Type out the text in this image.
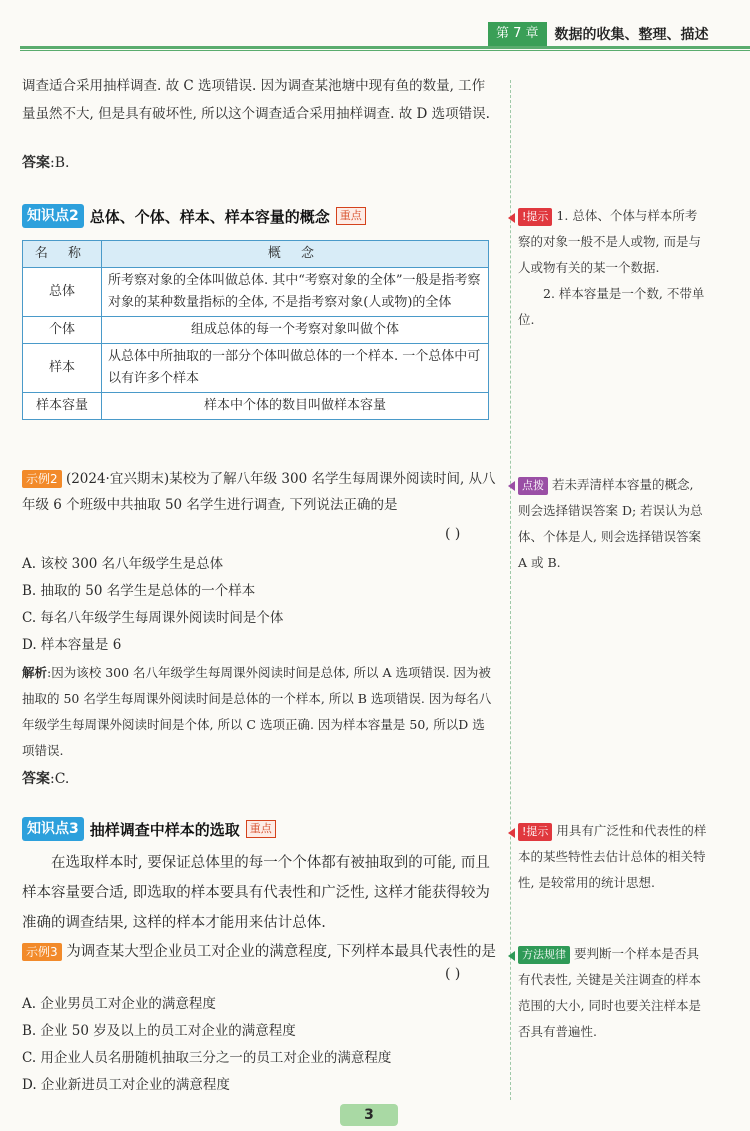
第 7 章	数据的收集、整理、描述
调查适合采用抽样调查. 故 C 选项错误. 因为调查某池塘中现有鱼的数量, 工作量虽然不大, 但是具有破坏性, 所以这个调查适合采用抽样调查. 故 D 选项错误.
答案:B.
知识点2 总体、个体、样本、样本容量的概念 重点
名 称	概 念
总体	所考察对象的全体叫做总体. 其中“考察对象的全体”一般是指考察对象的某种数量指标的全体, 不是指考察对象(人或物)的全体
个体	组成总体的每一个考察对象叫做个体
样本	从总体中所抽取的一部分个体叫做总体的一个样本. 一个总体中可以有许多个样本
样本容量	样本中个体的数目叫做样本容量
示例2 (2024·宜兴期末)某校为了解八年级 300 名学生每周课外阅读时间, 从八年级 6 个班级中共抽取 50 名学生进行调查, 下列说法正确的是
( )
A. 该校 300 名八年级学生是总体
B. 抽取的 50 名学生是总体的一个样本
C. 每名八年级学生每周课外阅读时间是个体
D. 样本容量是 6
解析:因为该校 300 名八年级学生每周课外阅读时间是总体, 所以 A 选项错误. 因为被抽取的 50 名学生每周课外阅读时间是总体的一个样本, 所以 B 选项错误. 因为每名八年级学生每周课外阅读时间是个体, 所以 C 选项正确. 因为样本容量是 50, 所以D 选项错误.
答案:C.
知识点3 抽样调查中样本的选取 重点
在选取样本时, 要保证总体里的每一个个体都有被抽取到的可能, 而且样本容量要合适, 即选取的样本要具有代表性和广泛性, 这样才能获得较为准确的调查结果, 这样的样本才能用来估计总体.
示例3 为调查某大型企业员工对企业的满意程度, 下列样本最具代表性的是
( )
A. 企业男员工对企业的满意程度
B. 企业 50 岁及以上的员工对企业的满意程度
C. 用企业人员名册随机抽取三分之一的员工对企业的满意程度
D. 企业新进员工对企业的满意程度
!提示 1. 总体、个体与样本所考察的对象一般不是人或物, 而是与人或物有关的某一个数据.
2. 样本容量是一个数, 不带单位.
点拨 若未弄清样本容量的概念, 则会选择错误答案 D; 若误认为总体、个体是人, 则会选择错误答案 A 或 B.
!提示 用具有广泛性和代表性的样本的某些特性去估计总体的相关特性, 是较常用的统计思想.
方法规律 要判断一个样本是否具有代表性, 关键是关注调查的样本范围的大小, 同时也要关注样本是否具有普遍性.
3
